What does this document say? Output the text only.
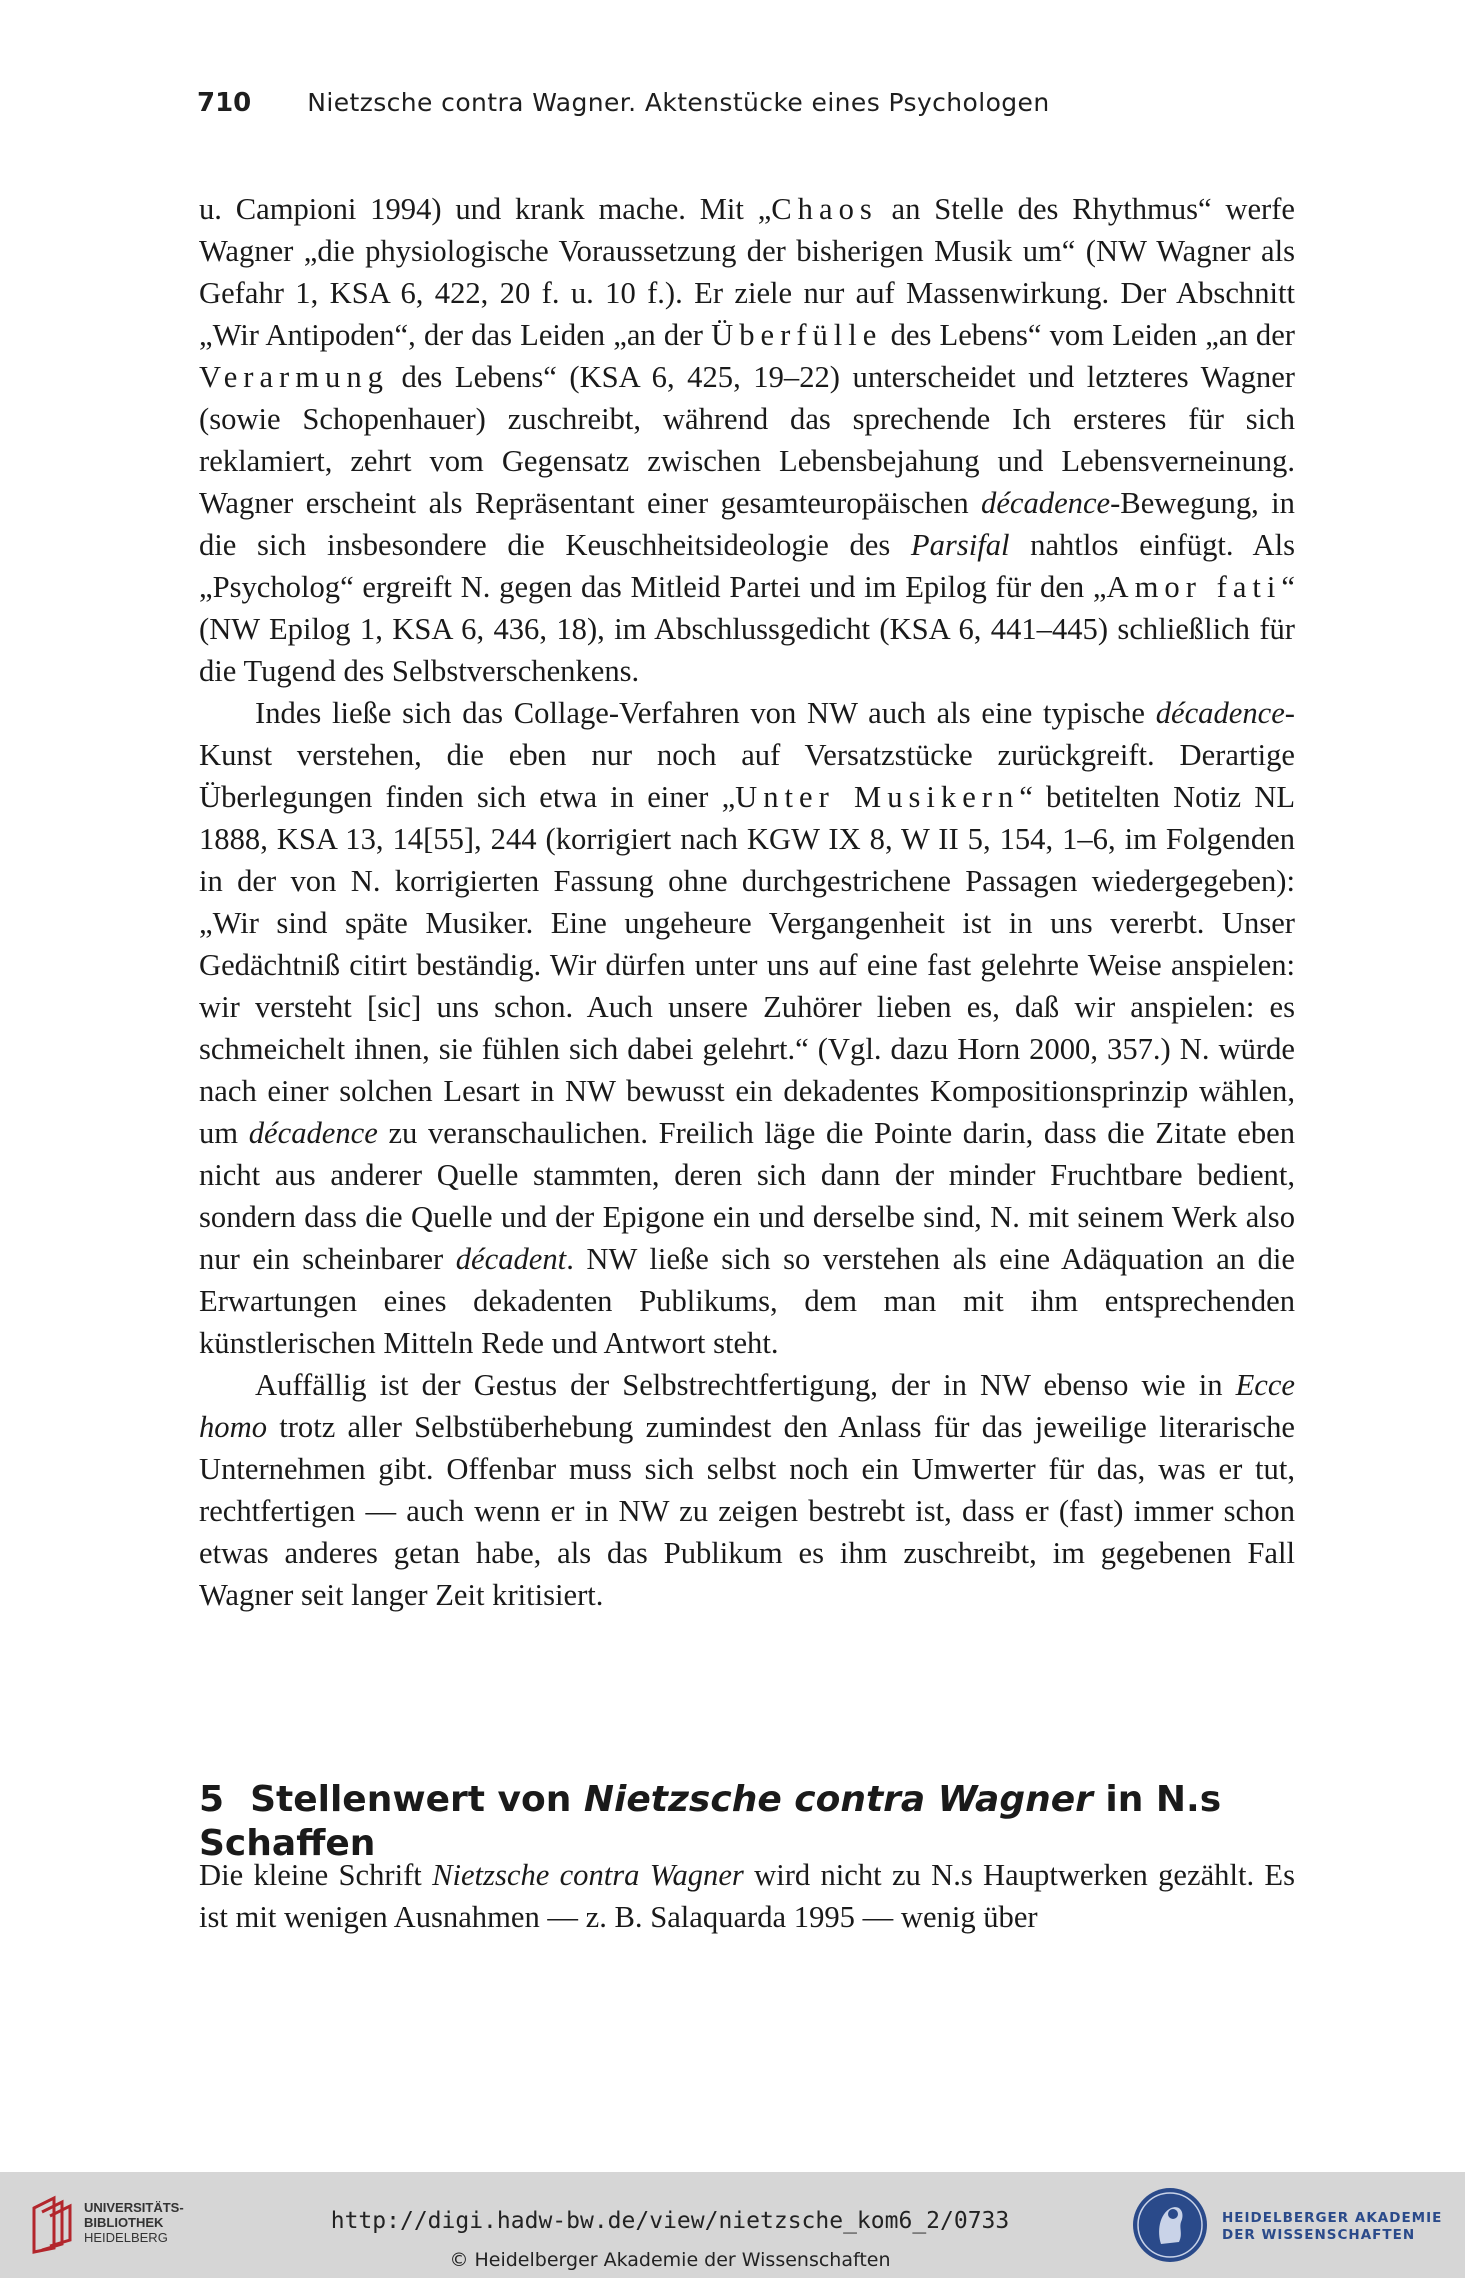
710 Nietzsche contra Wagner. Aktenstücke eines Psychologen

u. Campioni 1994) und krank mache. Mit „Chaos an Stelle des Rhythmus“ werfe Wagner „die physiologische Voraussetzung der bisherigen Musik um“ (NW Wagner als Gefahr 1, KSA 6, 422, 20 f. u. 10 f.). Er ziele nur auf Massenwirkung. Der Abschnitt „Wir Antipoden“, der das Leiden „an der Überfülle des Lebens“ vom Leiden „an der Verarmung des Lebens“ (KSA 6, 425, 19–22) unterscheidet und letzteres Wagner (sowie Schopenhauer) zuschreibt, während das sprechende Ich ersteres für sich reklamiert, zehrt vom Gegensatz zwischen Lebensbejahung und Lebensverneinung. Wagner erscheint als Repräsentant einer gesamteuropäischen décadence-Bewegung, in die sich insbesondere die Keuschheitsideologie des Parsifal nahtlos einfügt. Als „Psycholog“ ergreift N. gegen das Mitleid Partei und im Epilog für den „Amor fati“ (NW Epilog 1, KSA 6, 436, 18), im Abschlussgedicht (KSA 6, 441–445) schließlich für die Tugend des Selbstverschenkens.

Indes ließe sich das Collage-Verfahren von NW auch als eine typische décadence-Kunst verstehen, die eben nur noch auf Versatzstücke zurückgreift. Derartige Überlegungen finden sich etwa in einer „Unter Musikern“ betitelten Notiz NL 1888, KSA 13, 14[55], 244 (korrigiert nach KGW IX 8, W II 5, 154, 1–6, im Folgenden in der von N. korrigierten Fassung ohne durchgestrichene Passagen wiedergegeben): „Wir sind späte Musiker. Eine ungeheure Vergangenheit ist in uns vererbt. Unser Gedächtniß citirt beständig. Wir dürfen unter uns auf eine fast gelehrte Weise anspielen: wir versteht [sic] uns schon. Auch unsere Zuhörer lieben es, daß wir anspielen: es schmeichelt ihnen, sie fühlen sich dabei gelehrt.“ (Vgl. dazu Horn 2000, 357.) N. würde nach einer solchen Lesart in NW bewusst ein dekadentes Kompositionsprinzip wählen, um décadence zu veranschaulichen. Freilich läge die Pointe darin, dass die Zitate eben nicht aus anderer Quelle stammten, deren sich dann der minder Fruchtbare bedient, sondern dass die Quelle und der Epigone ein und derselbe sind, N. mit seinem Werk also nur ein scheinbarer décadent. NW ließe sich so verstehen als eine Adäquation an die Erwartungen eines dekadenten Publikums, dem man mit ihm entsprechenden künstlerischen Mitteln Rede und Antwort steht.

Auffällig ist der Gestus der Selbstrechtfertigung, der in NW ebenso wie in Ecce homo trotz aller Selbstüberhebung zumindest den Anlass für das jeweilige literarische Unternehmen gibt. Offenbar muss sich selbst noch ein Umwerter für das, was er tut, rechtfertigen — auch wenn er in NW zu zeigen bestrebt ist, dass er (fast) immer schon etwas anderes getan habe, als das Publikum es ihm zuschreibt, im gegebenen Fall Wagner seit langer Zeit kritisiert.

5 Stellenwert von Nietzsche contra Wagner in N.s Schaffen

Die kleine Schrift Nietzsche contra Wagner wird nicht zu N.s Hauptwerken gezählt. Es ist mit wenigen Ausnahmen — z. B. Salaquarda 1995 — wenig über

UNIVERSITÄTS-
BIBLIOTHEK
HEIDELBERG
http://digi.hadw-bw.de/view/nietzsche_kom6_2/0733
© Heidelberger Akademie der Wissenschaften
HEIDELBERGER AKADEMIE
DER WISSENSCHAFTEN
